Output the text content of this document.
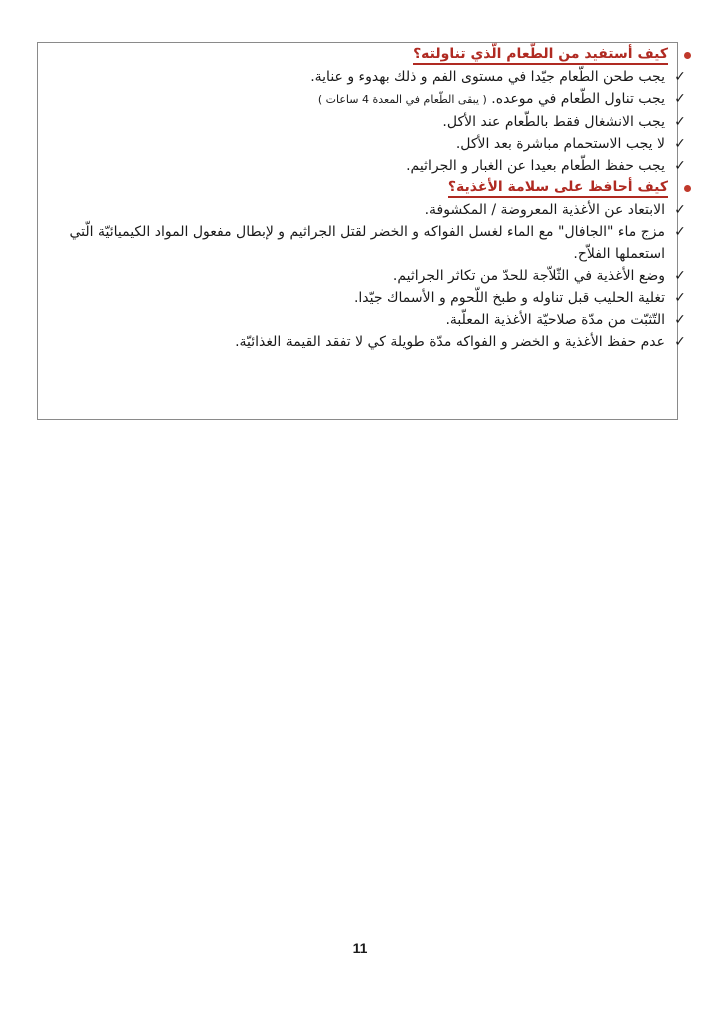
كيف أستفيد من الطّعام الّذي تناولته؟
✓
يجب طحن الطّعام جيّدا في مستوى الفم و ذلك بهدوء و عناية.
✓
يجب تناول الطّعام في موعده. ( يبقى الطّعام في المعدة 4 ساعات )
✓
يجب الانشغال فقط بالطّعام عند الأكل.
✓
لا يجب الاستحمام مباشرة بعد الأكل.
✓
يجب حفظ الطّعام بعيدا عن الغبار و الجراثيم.
كيف أحافظ على سلامة الأغذية؟
✓
الابتعاد عن الأغذية المعروضة / المكشوفة.
✓
مزج ماء "الجافال" مع الماء لغسل الفواكه و الخضر لقتل الجراثيم و لإبطال مفعول المواد الكيميائيّة الّتي استعملها الفلاّح.
✓
وضع الأغذية في الثّلاّجة للحدّ من تكاثر الجراثيم.
✓
تغلية الحليب قبل تناوله و طبخ اللّحوم و الأسماك جيّدا.
✓
التّثبّت من مدّة صلاحيّة الأغذية المعلّبة.
✓
عدم حفظ الأغذية و الخضر و الفواكه مدّة طويلة كي لا تفقد القيمة الغذائيّة.
11
